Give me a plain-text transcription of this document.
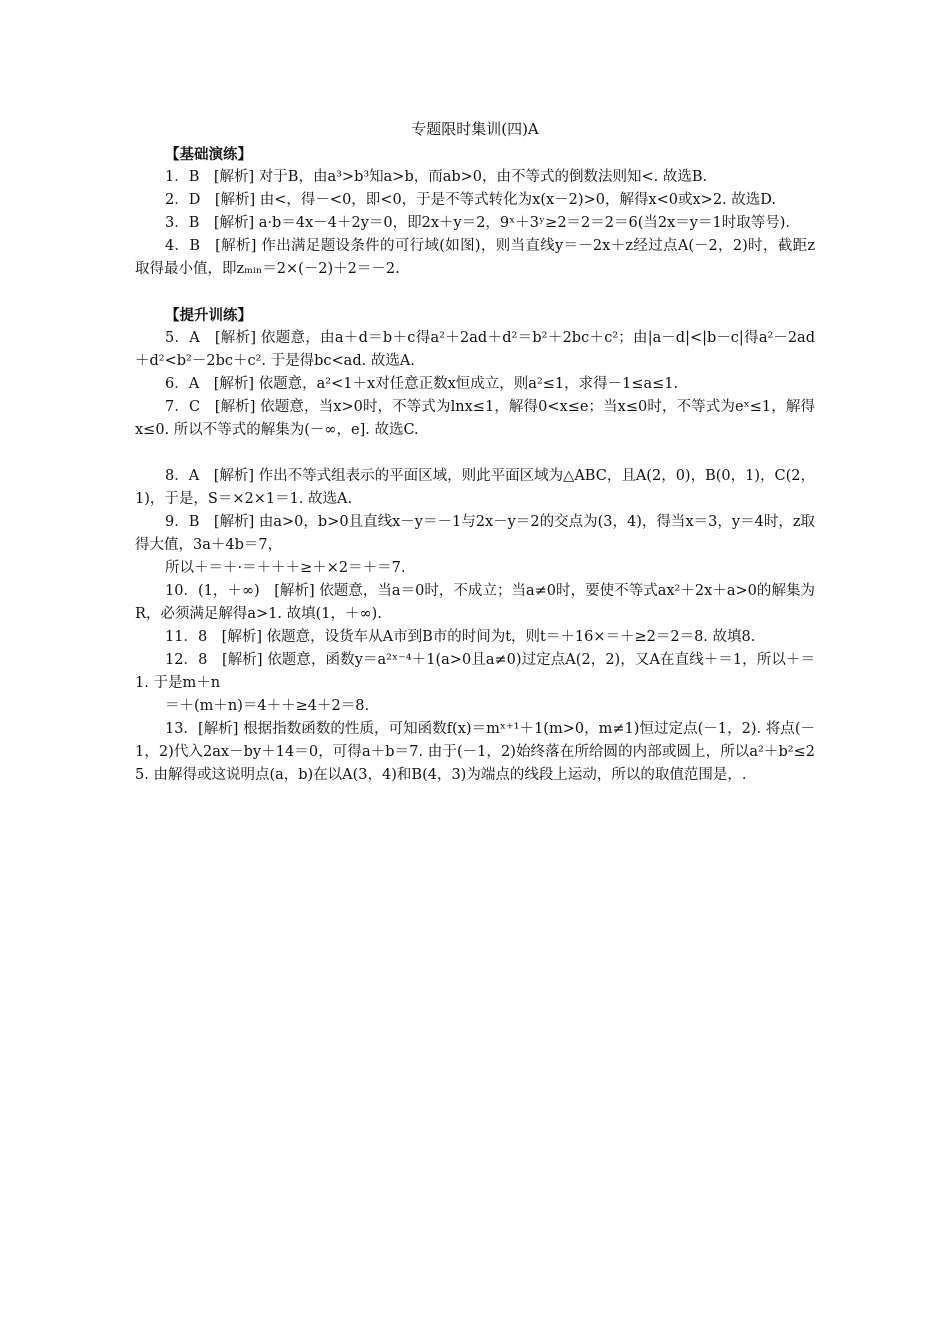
专题限时集训(四)A

【基础演练】

1．B　[解析] 对于B，由a³>b³知a>b，而ab>0，由不等式的倒数法则知<. 故选B.

2．D　[解析] 由<，得－<0，即<0，于是不等式转化为x(x－2)>0，解得x<0或x>2. 故选D.

3．B　[解析] a·b＝4x－4＋2y＝0，即2x＋y＝2，9ˣ＋3ʸ≥2＝2＝2＝6(当2x＝y＝1时取等号).

4．B　[解析] 作出满足题设条件的可行域(如图)，则当直线y＝－2x＋z经过点A(－2，2)时，截距z取得最小值，即zₘᵢₙ＝2×(－2)＋2＝－2.

【提升训练】

5．A　[解析] 依题意，由a＋d＝b＋c得a²＋2ad＋d²＝b²＋2bc＋c²；由|a－d|<|b－c|得a²－2ad＋d²<b²－2bc＋c². 于是得bc<ad. 故选A.

6．A　[解析] 依题意，a²<1＋x对任意正数x恒成立，则a²≤1，求得－1≤a≤1.

7．C　[解析] 依题意，当x>0时，不等式为lnx≤1，解得0<x≤e；当x≤0时，不等式为eˣ≤1，解得x≤0. 所以不等式的解集为(－∞，e]. 故选C.

8．A　[解析] 作出不等式组表示的平面区域，则此平面区域为△ABC，且A(2，0)，B(0，1)，C(2，1)，于是，S＝×2×1＝1. 故选A.

9．B　[解析] 由a>0，b>0且直线x－y＝－1与2x－y＝2的交点为(3，4)，得当x＝3，y＝4时，z取得大值，3a＋4b＝7，

所以＋＝＋·＝＋＋＋≥＋×2＝＋＝7.

10．(1，＋∞)　[解析] 依题意，当a＝0时，不成立；当a≠0时，要使不等式ax²＋2x＋a>0的解集为R，必须满足解得a>1. 故填(1，＋∞).

11．8　[解析] 依题意，设货车从A市到B市的时间为t，则t＝＋16×＝＋≥2＝2＝8. 故填8.

12．8　[解析] 依题意，函数y＝a²ˣ⁻⁴＋1(a>0且a≠0)过定点A(2，2)，又A在直线＋＝1，所以＋＝1. 于是m＋n

＝＋(m＋n)＝4＋＋≥4＋2＝8.

13．[解析] 根据指数函数的性质，可知函数f(x)＝mˣ⁺¹＋1(m>0，m≠1)恒过定点(－1，2). 将点(－1，2)代入2ax－by＋14＝0，可得a＋b＝7. 由于(－1，2)始终落在所给圆的内部或圆上，所以a²＋b²≤25. 由解得或这说明点(a，b)在以A(3，4)和B(4，3)为端点的线段上运动，所以的取值范围是，.
